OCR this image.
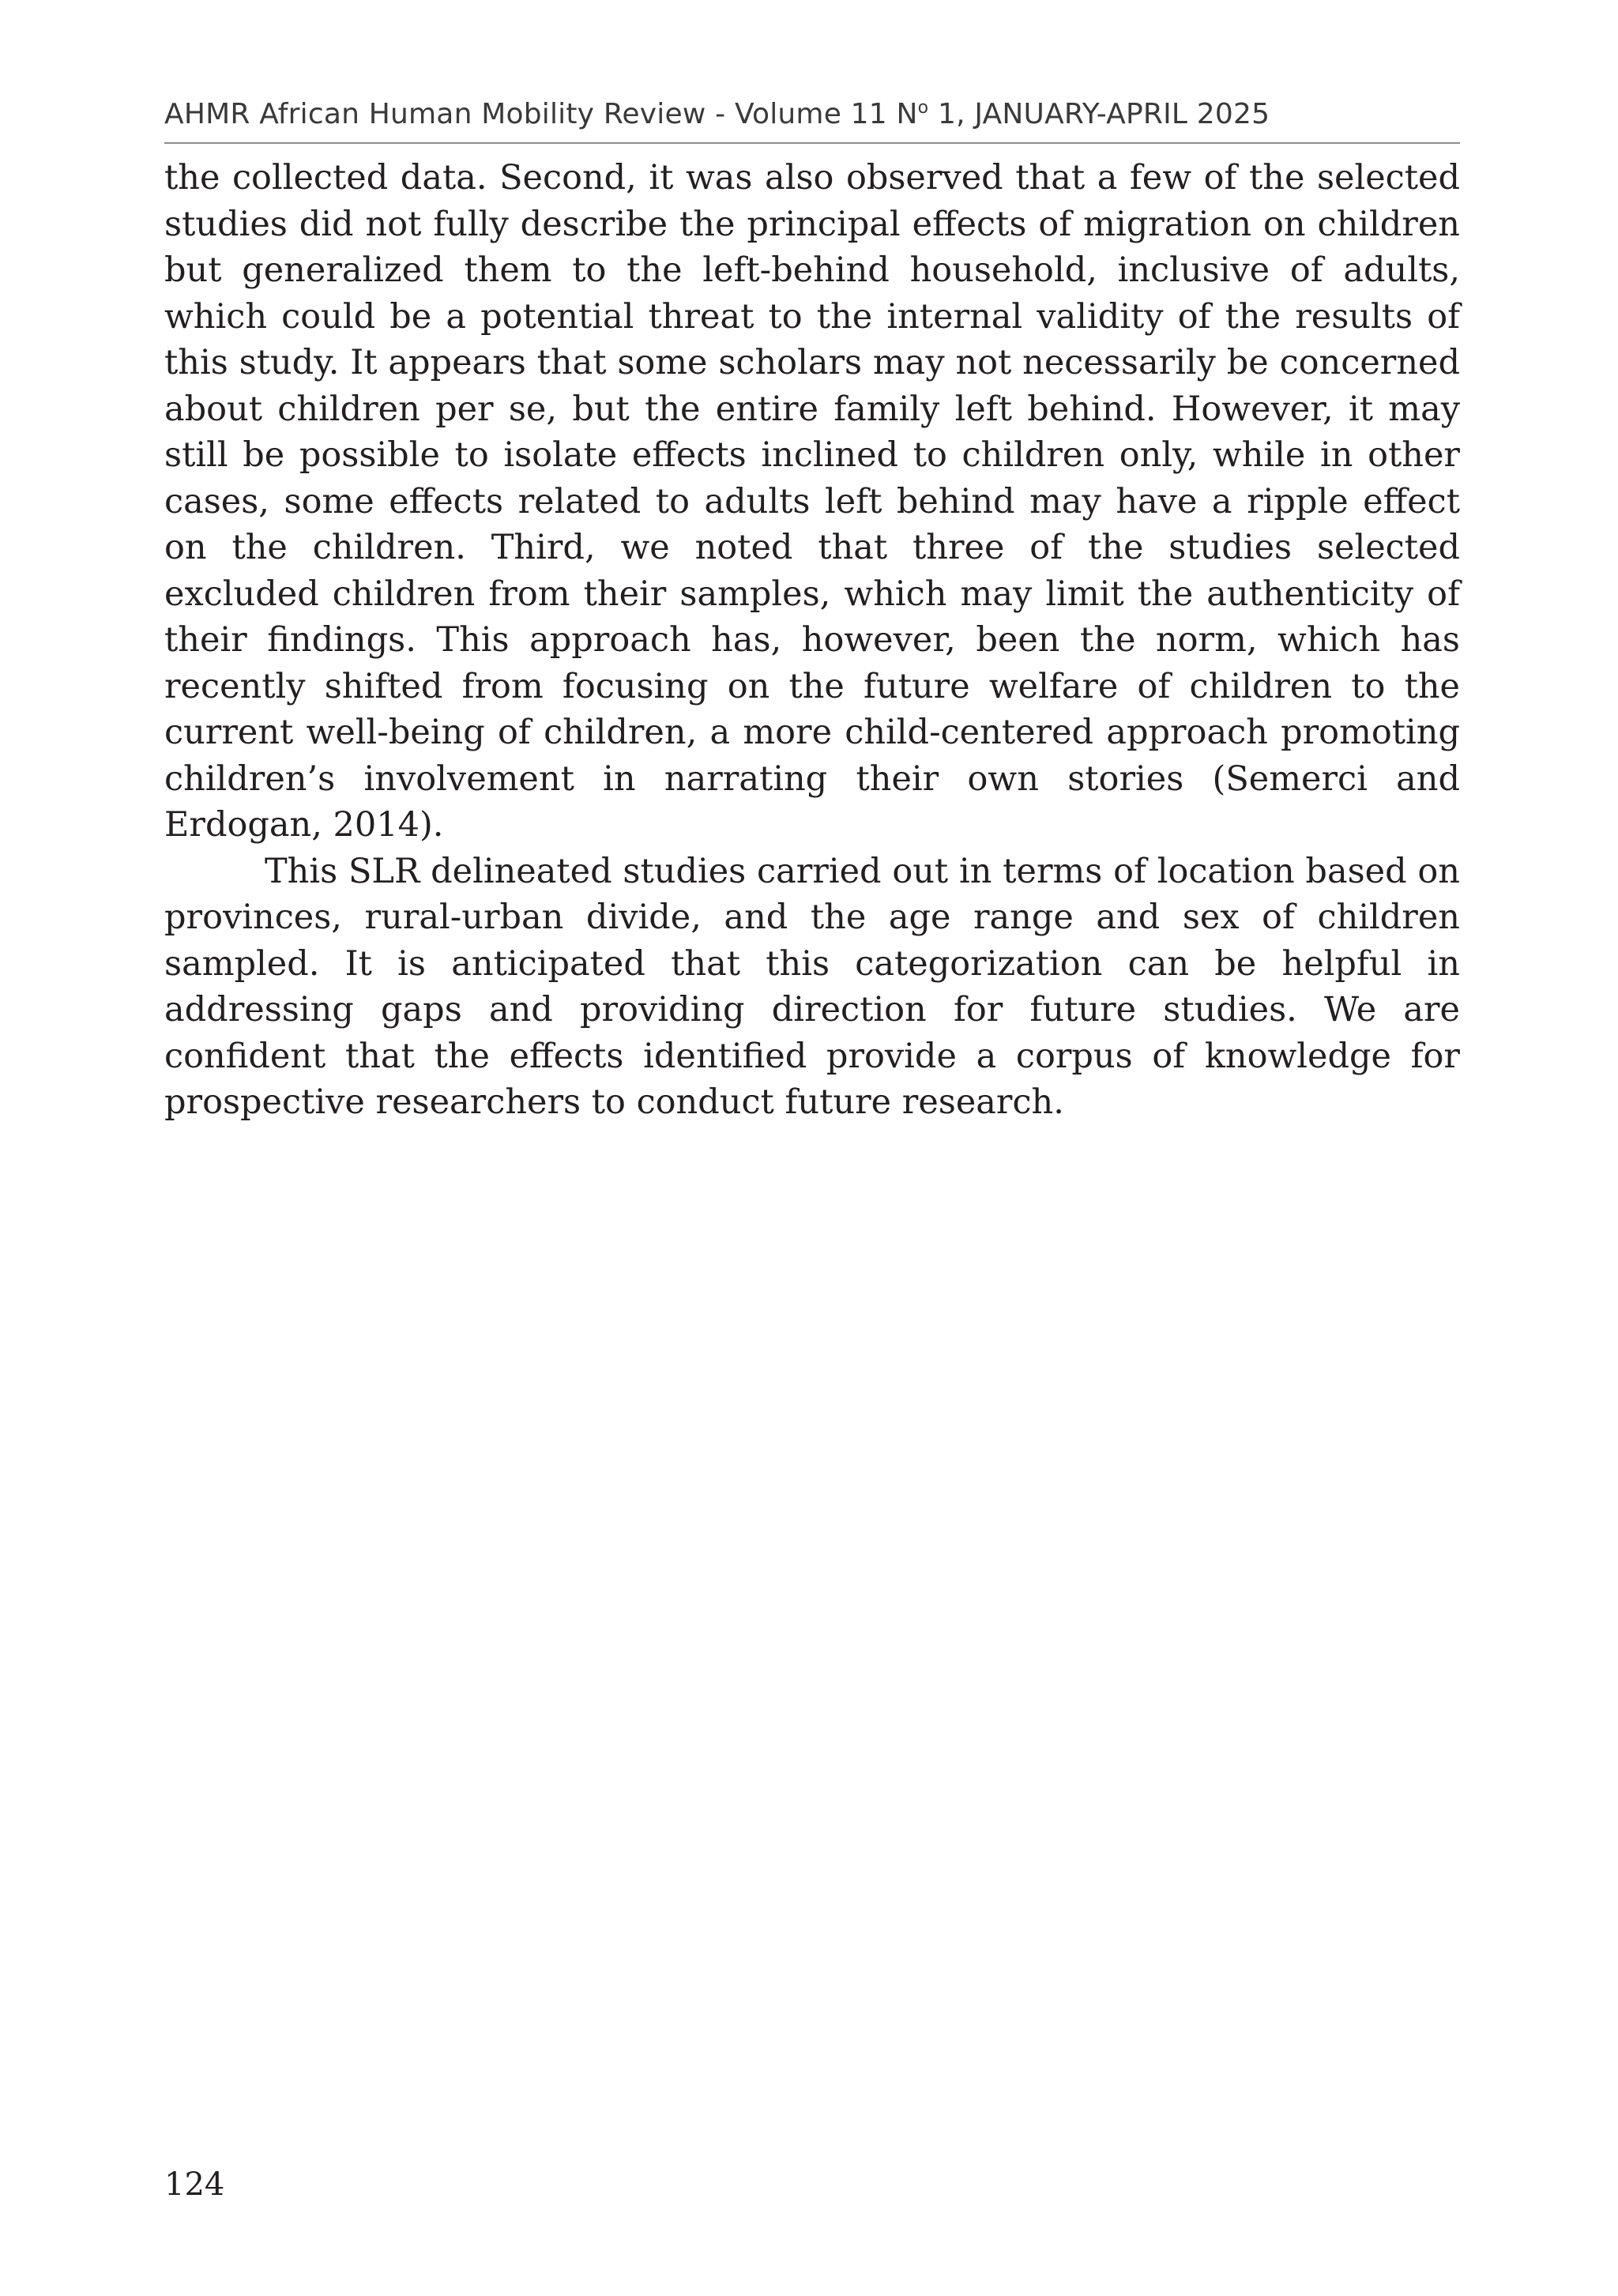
AHMR African Human Mobility Review - Volume 11 $N^o$ 1, JANUARY-APRIL 2025

the collected data. Second, it was also observed that a few of the selected studies did not fully describe the principal effects of migration on children but generalized them to the left-behind household, inclusive of adults, which could be a potential threat to the internal validity of the results of this study. It appears that some scholars may not necessarily be concerned about children per se, but the entire family left behind. However, it may still be possible to isolate effects inclined to children only, while in other cases, some effects related to adults left behind may have a ripple effect on the children. Third, we noted that three of the studies selected excluded children from their samples, which may limit the authenticity of their findings. This approach has, however, been the norm, which has recently shifted from focusing on the future welfare of children to the current well-being of children, a more child-centered approach promoting children’s involvement in narrating their own stories (Semerci and Erdogan, 2014).

This SLR delineated studies carried out in terms of location based on provinces, rural-urban divide, and the age range and sex of children sampled. It is anticipated that this categorization can be helpful in addressing gaps and providing direction for future studies. We are confident that the effects identified provide a corpus of knowledge for prospective researchers to conduct future research.

124
